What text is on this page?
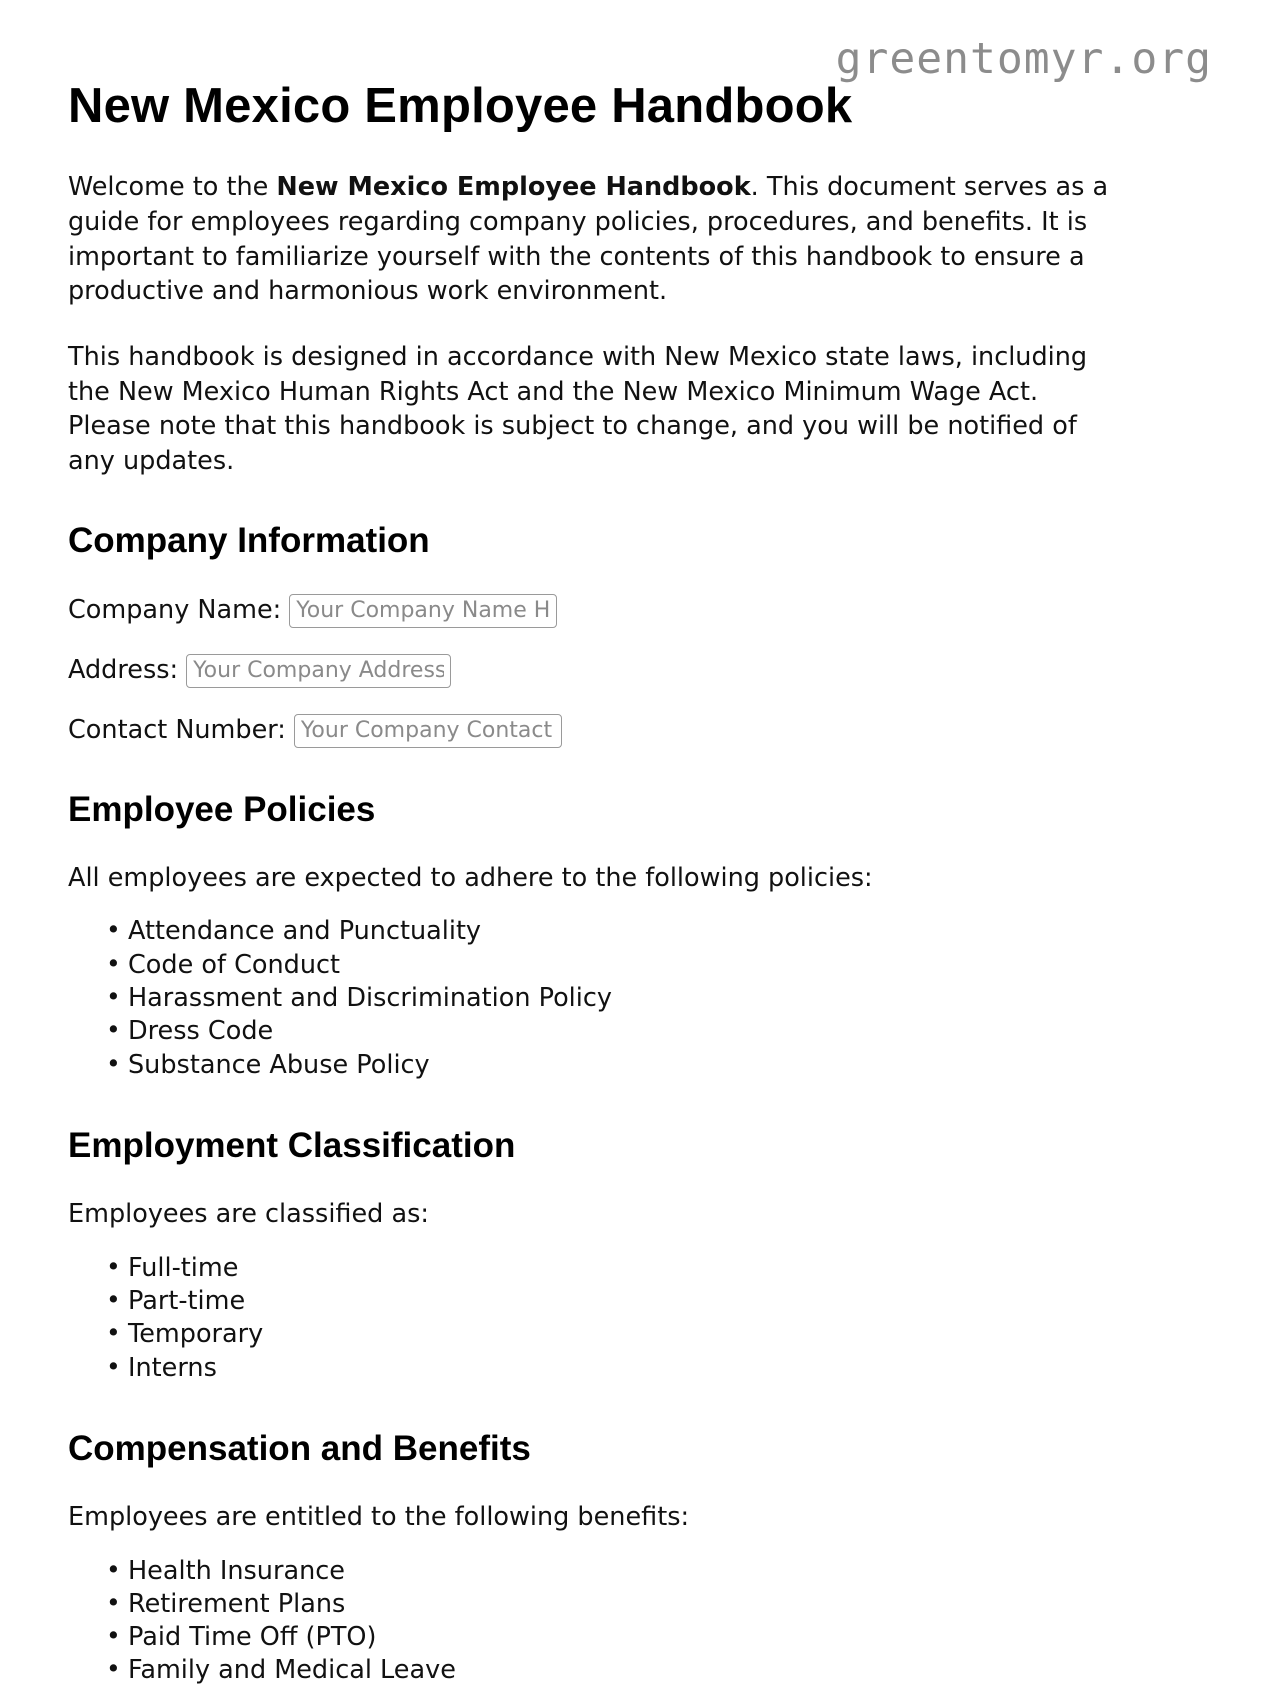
greentomyr.org
New Mexico Employee Handbook

Welcome to the New Mexico Employee Handbook. This document serves as a guide for employees regarding company policies, procedures, and benefits. It is important to familiarize yourself with the contents of this handbook to ensure a productive and harmonious work environment.

This handbook is designed in accordance with New Mexico state laws, including the New Mexico Human Rights Act and the New Mexico Minimum Wage Act. Please note that this handbook is subject to change, and you will be notified of any updates.

Company Information
Company Name:
Your Company Name Here
Address:
Your Company Address Here
Contact Number:
Your Company Contact Number
Employee Policies

All employees are expected to adhere to the following policies:

• Attendance and Punctuality
• Code of Conduct
• Harassment and Discrimination Policy
• Dress Code
• Substance Abuse Policy
Employment Classification

Employees are classified as:

• Full-time
• Part-time
• Temporary
• Interns
Compensation and Benefits

Employees are entitled to the following benefits:

• Health Insurance
• Retirement Plans
• Paid Time Off (PTO)
• Family and Medical Leave
